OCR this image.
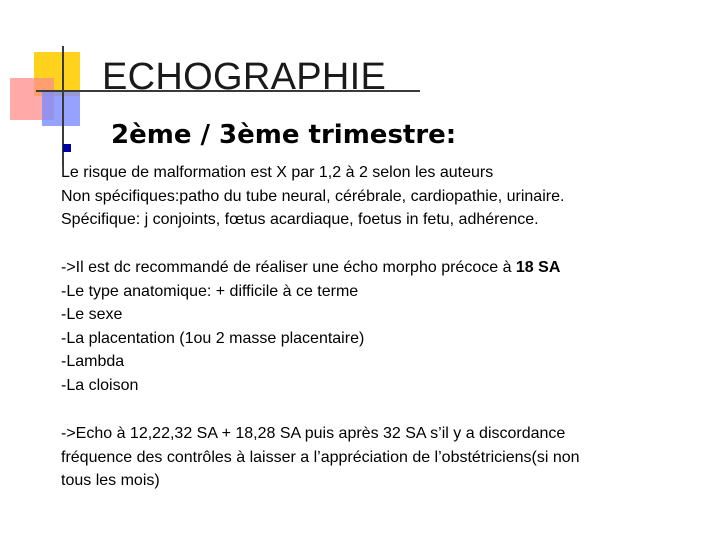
ECHOGRAPHIE
2ème / 3ème trimestre:
Le risque de malformation est X par 1,2 à 2 selon les auteurs
Non spécifiques:patho du tube neural, cérébrale, cardiopathie, urinaire.
Spécifique: j conjoints, fœtus acardiaque, foetus in fetu, adhérence.
->Il est dc recommandé de réaliser une écho morpho précoce à 18 SA
-Le type anatomique: + difficile à ce terme
-Le sexe
-La placentation (1ou 2 masse placentaire)
-Lambda
-La cloison
->Echo à 12,22,32 SA + 18,28 SA puis après 32 SA s’il y a discordance
fréquence des contrôles à laisser a l’appréciation de l’obstétriciens(si non
tous les mois)
